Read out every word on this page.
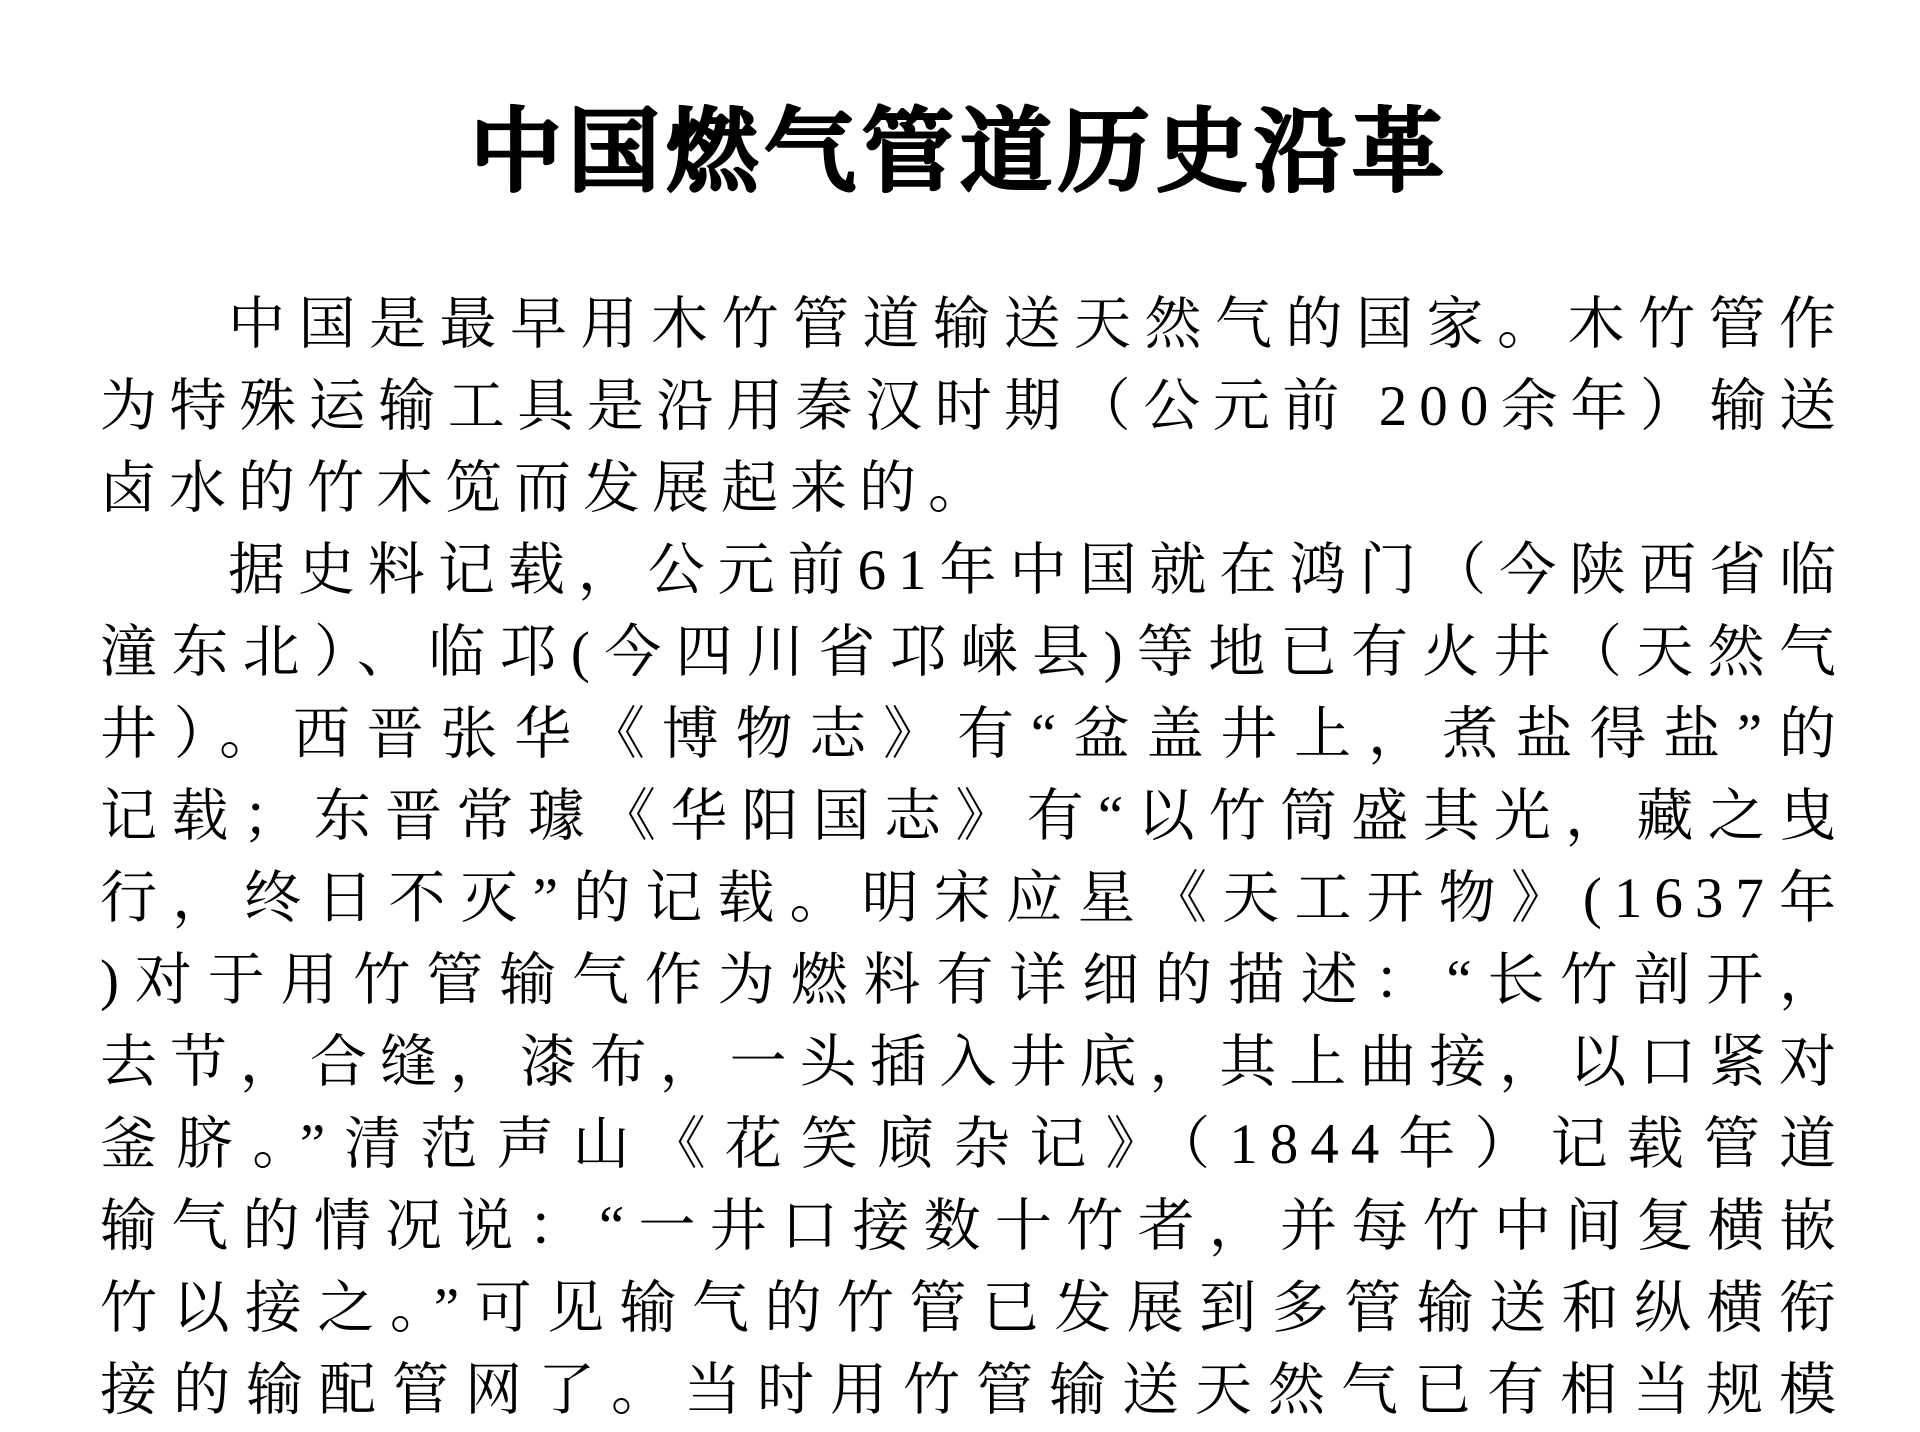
中国燃气管道历史沿革
中国是最早用木竹管道输送天然气的国家。木竹管作
为特殊运输工具是沿用秦汉时期（公元前 200余年）输送
卤水的竹木笕而发展起来的。
据史料记载，公元前61年中国就在鸿门（今陕西省临
潼东北）、临邛(今四川省邛崃县)等地已有火井（天然气
井）。西晋张华《博物志》有“盆盖井上，煮盐得盐”的
记载；东晋常璩《华阳国志》有“以竹筒盛其光，藏之曳
行，终日不灭”的记载。明宋应星《天工开物》(1637年
)对于用竹管输气作为燃料有详细的描述：“长竹剖开，
去节，合缝，漆布，一头插入井底，其上曲接，以口紧对
釜脐。”清范声山《花笑庼杂记》（1844年）记载管道
输气的情况说：“一井口接数十竹者，并每竹中间复横嵌
竹以接之。”可见输气的竹管已发展到多管输送和纵横衔
接的输配管网了。当时用竹管输送天然气已有相当规模
